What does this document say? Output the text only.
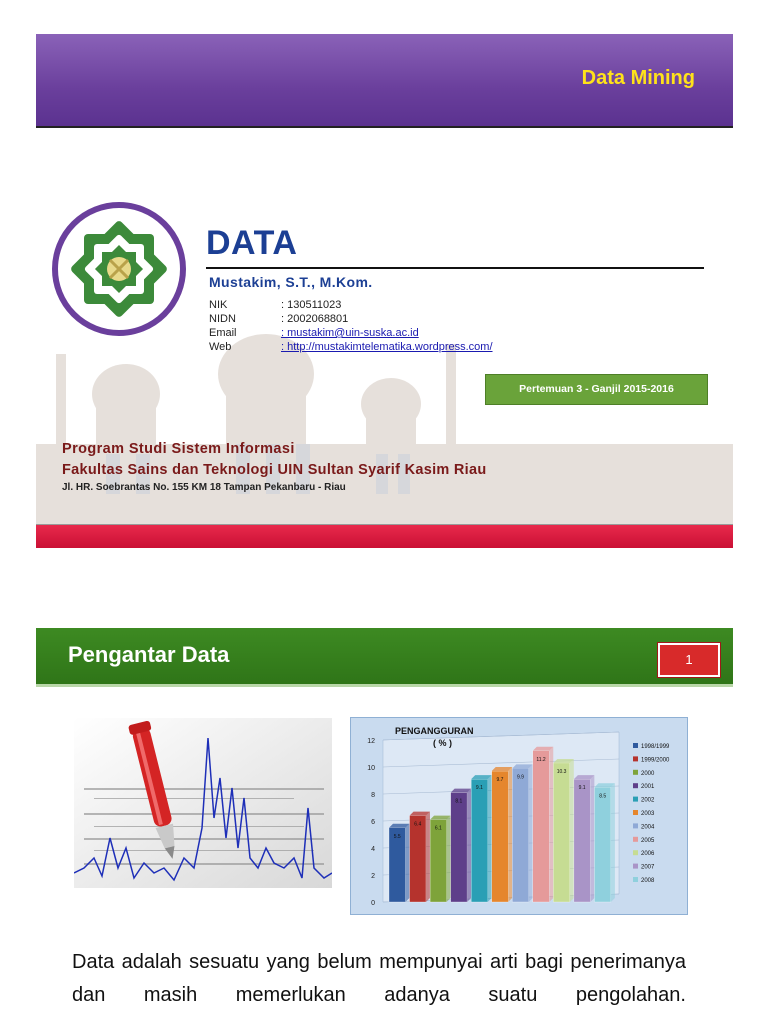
Data Mining
DATA
Mustakim, S.T., M.Kom.
NIK	: 130511023
NIDN	: 2002068801
Email	: mustakim@uin-suska.ac.id
Web	: http://mustakimtelematika.wordpress.com/
Pertemuan 3 - Ganjil 2015-2016
Program Studi Sistem Informasi
Fakultas Sains dan Teknologi UIN Sultan Syarif Kasim Riau
Jl. HR. Soebrantas No. 155 KM 18 Tampan Pekanbaru - Riau
Pengantar Data	1
0
2
4
6
8
10
12
5.5
6.4
6.1
8.1
9.1
9.7	9.9
11.2
10.3
9.1
8.5
PENGANGGURAN
( % )	1998/1999
1999/2000
2000
2001
2002
2003
2004
2005
2006
2007
2008
Data adalah sesuatu yang belum mempunyai arti bagi penerimanya dan masih memerlukan adanya suatu pengolahan.
